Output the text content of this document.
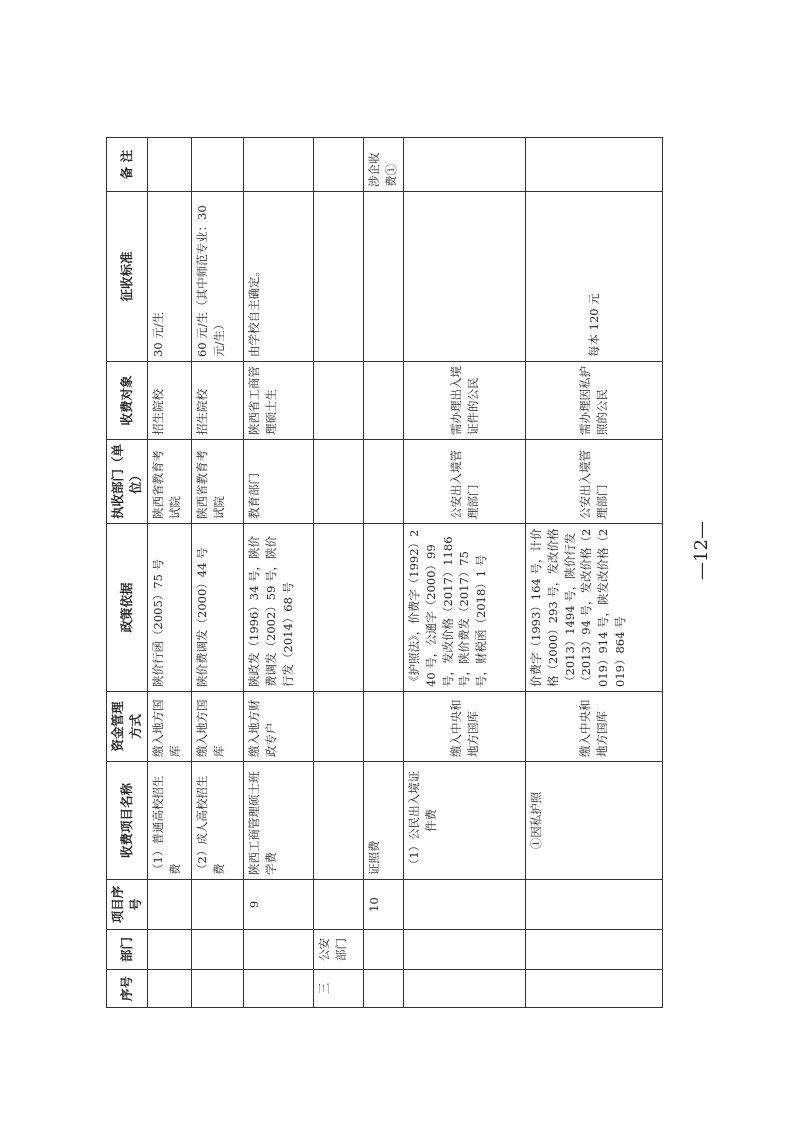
序号	部门	项目序号	收费项目名称	资金管理方式	政策依据	执收部门（单位）	收费对象	征收标准	备 注
			（1）普通高校招生费	缴入地方国库	陕价行函（2005）75 号	陕西省教育考试院	招生院校	30 元/生	
			（2）成人高校招生费	缴入地方国库	陕价费调发（2000）44 号	陕西省教育考试院	招生院校	60 元/生（其中师范专业：30 元/生）	
		9	陕西工商管理硕士班学费	缴入地方财政专户	陕政发（1996）34 号，陕价费调发（2002）59 号，陕价行发（2014）68 号	教育部门	陕西省工商管理硕士生	由学校自主确定。	
三	公安部门								
		10	证照费						涉企收费①
			（1）公民出入境证件费	缴入中央和地方国库	《护照法》，价费字（1992）240 号，公通字（2000）99 号，发改价格（2017）1186 号，陕价费发（2017）75 号，财税函（2018）1 号	公安出入境管理部门	需办理出入境证件的公民		
			①因私护照	缴入中央和地方国库	价费字（1993）164 号，计价格（2000）293 号，发改价格（2013）1494 号，陕价行发（2013）94 号，发改价格（2019）914 号，陕发改价格（2019）864 号	公安出入境管理部门	需办理因私护照的公民	每本 120 元	
—12—
